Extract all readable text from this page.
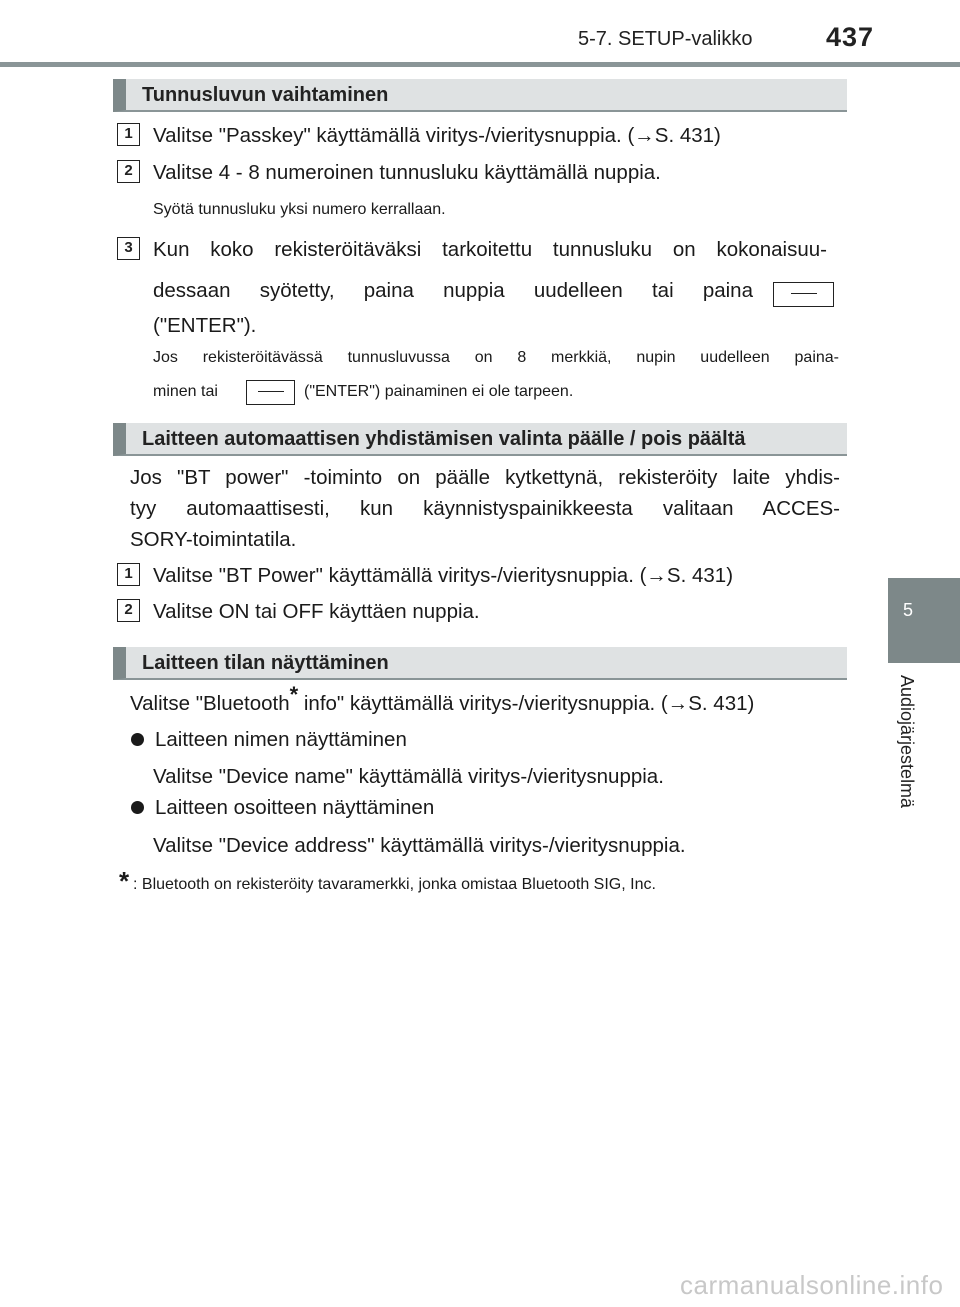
5-7. SETUP-valikko	437
5
Audiojärjestelmä
Tunnusluvun vaihtaminen
1 Valitse "Passkey" käyttämällä viritys-/vieritysnuppia. (→S. 431)
2 Valitse 4 - 8 numeroinen tunnusluku käyttämällä nuppia.
Syötä tunnusluku yksi numero kerrallaan.
3 Kun koko rekisteröitäväksi tarkoitettu tunnusluku on kokonaisuu-
dessaan syötetty, paina nuppia uudelleen tai paina
("ENTER").
Jos rekisteröitävässä tunnusluvussa on 8 merkkiä, nupin uudelleen paina-
minen tai	("ENTER") painaminen ei ole tarpeen.
Laitteen automaattisen yhdistämisen valinta päälle / pois päältä
Jos "BT power" -toiminto on päälle kytkettynä, rekisteröity laite yhdis-
tyy automaattisesti, kun käynnistyspainikkeesta valitaan ACCES-
SORY-toimintatila.
1 Valitse "BT Power" käyttämällä viritys-/vieritysnuppia. (→S. 431)
2 Valitse ON tai OFF käyttäen nuppia.
Laitteen tilan näyttäminen
Valitse "Bluetooth* info" käyttämällä viritys-/vieritysnuppia. (→S. 431)
Laitteen nimen näyttäminen
Valitse "Device name" käyttämällä viritys-/vieritysnuppia.
Laitteen osoitteen näyttäminen
Valitse "Device address" käyttämällä viritys-/vieritysnuppia.
* : Bluetooth on rekisteröity tavaramerkki, jonka omistaa Bluetooth SIG, Inc.
carmanualsonline.info
